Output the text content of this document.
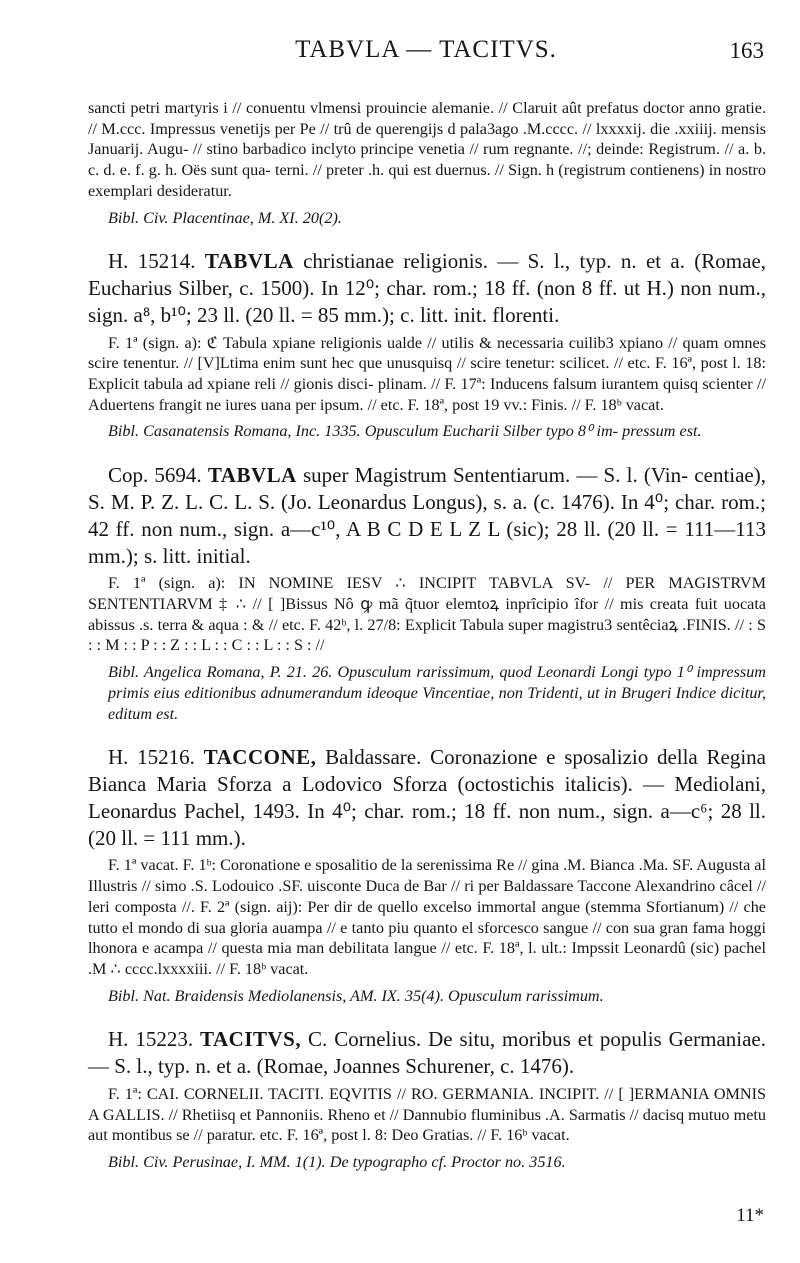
TABVLA — TACITVS.	163

sancti petri martyris i // conuentu vlmensi prouincie alemanie. // Claruit aût prefatus doctor anno gratie. // M.ccc. Impressus venetijs per Pe // trû de querengijs d pala3ago .M.cccc. // lxxxxij. die .xxiiij. mensis Januarij. Augu- // stino barbadico inclyto principe venetia // rum regnante. //; deinde: Registrum. // a. b. c. d. e. f. g. h. Oës sunt qua- terni. // preter .h. qui est duernus. // Sign. h (registrum contienens) in nostro exemplari desideratur.

Bibl. Civ. Placentinae, M. XI. 20(2).

H. 15214. TABVLA christianae religionis. — S. l., typ. n. et a. (Romae, Eucharius Silber, c. 1500). In 12⁰; char. rom.; 18 ff. (non 8 ff. ut H.) non num., sign. a⁸, b¹⁰; 23 ll. (20 ll. = 85 mm.); c. litt. init. florenti.

F. 1ª (sign. a): ℭ Tabula xpiane religionis ualde // utilis & necessaria cuilib3 xpiano // quam omnes scire tenentur. // [V]Ltima enim sunt hec que unusquisq // scire tenetur: scilicet. // etc. F. 16ª, post l. 18: Explicit tabula ad xpiane reli // gionis disci- plinam. // F. 17ª: Inducens falsum iurantem quisq scienter // Aduertens frangit ne iures uana per ipsum. // etc. F. 18ª, post 19 vv.: Finis. // F. 18ᵇ vacat.

Bibl. Casanatensis Romana, Inc. 1335. Opusculum Eucharii Silber typo 8⁰ im- pressum est.

Cop. 5694. TABVLA super Magistrum Sententiarum. — S. l. (Vin- centiae), S. M. P. Z. L. C. L. S. (Jo. Leonardus Longus), s. a. (c. 1476). In 4⁰; char. rom.; 42 ff. non num., sign. a—c¹⁰, A B C D E L Z L (sic); 28 ll. (20 ll. = 111—113 mm.); s. litt. initial.

F. 1ª (sign. a): IN NOMINE IESV ∴ INCIPIT TABVLA SV- // PER MAGISTRVM SENTENTIARVM ‡ ∴ // [ ]Bissus Nô ꝙ mã q̃tuor elemtoꝝ inprîcipio îfor // mis creata fuit uocata abissus .s. terra & aqua : & // etc. F. 42ᵇ, l. 27/8: Explicit Tabula super magistru3 sentêciaꝝ .FINIS. // : S : : M : : P : : Z : : L : : C : : L : : S : //

Bibl. Angelica Romana, P. 21. 26. Opusculum rarissimum, quod Leonardi Longi typo 1⁰ impressum primis eius editionibus adnumerandum ideoque Vincentiae, non Tridenti, ut in Brugeri Indice dicitur, editum est.

H. 15216. TACCONE, Baldassare. Coronazione e sposalizio della Regina Bianca Maria Sforza a Lodovico Sforza (octostichis italicis). — Mediolani, Leonardus Pachel, 1493. In 4⁰; char. rom.; 18 ff. non num., sign. a—c⁶; 28 ll. (20 ll. = 111 mm.).

F. 1ª vacat. F. 1ᵇ: Coronatione e sposalitio de la serenissima Re // gina .M. Bianca .Ma. SF. Augusta al Illustris // simo .S. Lodouico .SF. uisconte Duca de Bar // ri per Baldassare Taccone Alexandrino câcel // leri composta //. F. 2ª (sign. aij): Per dir de quello excelso immortal angue (stemma Sfortianum) // che tutto el mondo di sua gloria auampa // e tanto piu quanto el sforcesco sangue // con sua gran fama hoggi lhonora e acampa // questa mia man debilitata langue // etc. F. 18ª, l. ult.: Impssit Leonardû (sic) pachel .M ∴ cccc.lxxxxiii. // F. 18ᵇ vacat.

Bibl. Nat. Braidensis Mediolanensis, AM. IX. 35(4). Opusculum rarissimum.

H. 15223. TACITVS, C. Cornelius. De situ, moribus et populis Germaniae. — S. l., typ. n. et a. (Romae, Joannes Schurener, c. 1476).

F. 1ª: CAI. CORNELII. TACITI. EQVITIS // RO. GERMANIA. INCIPIT. // [ ]ERMANIA OMNIS A GALLIS. // Rhetiisq et Pannoniis. Rheno et // Dannubio fluminibus .A. Sarmatis // dacisq mutuo metu aut montibus se // paratur. etc. F. 16ª, post l. 8: Deo Gratias. // F. 16ᵇ vacat.

Bibl. Civ. Perusinae, I. MM. 1(1). De typographo cf. Proctor no. 3516.

11*
